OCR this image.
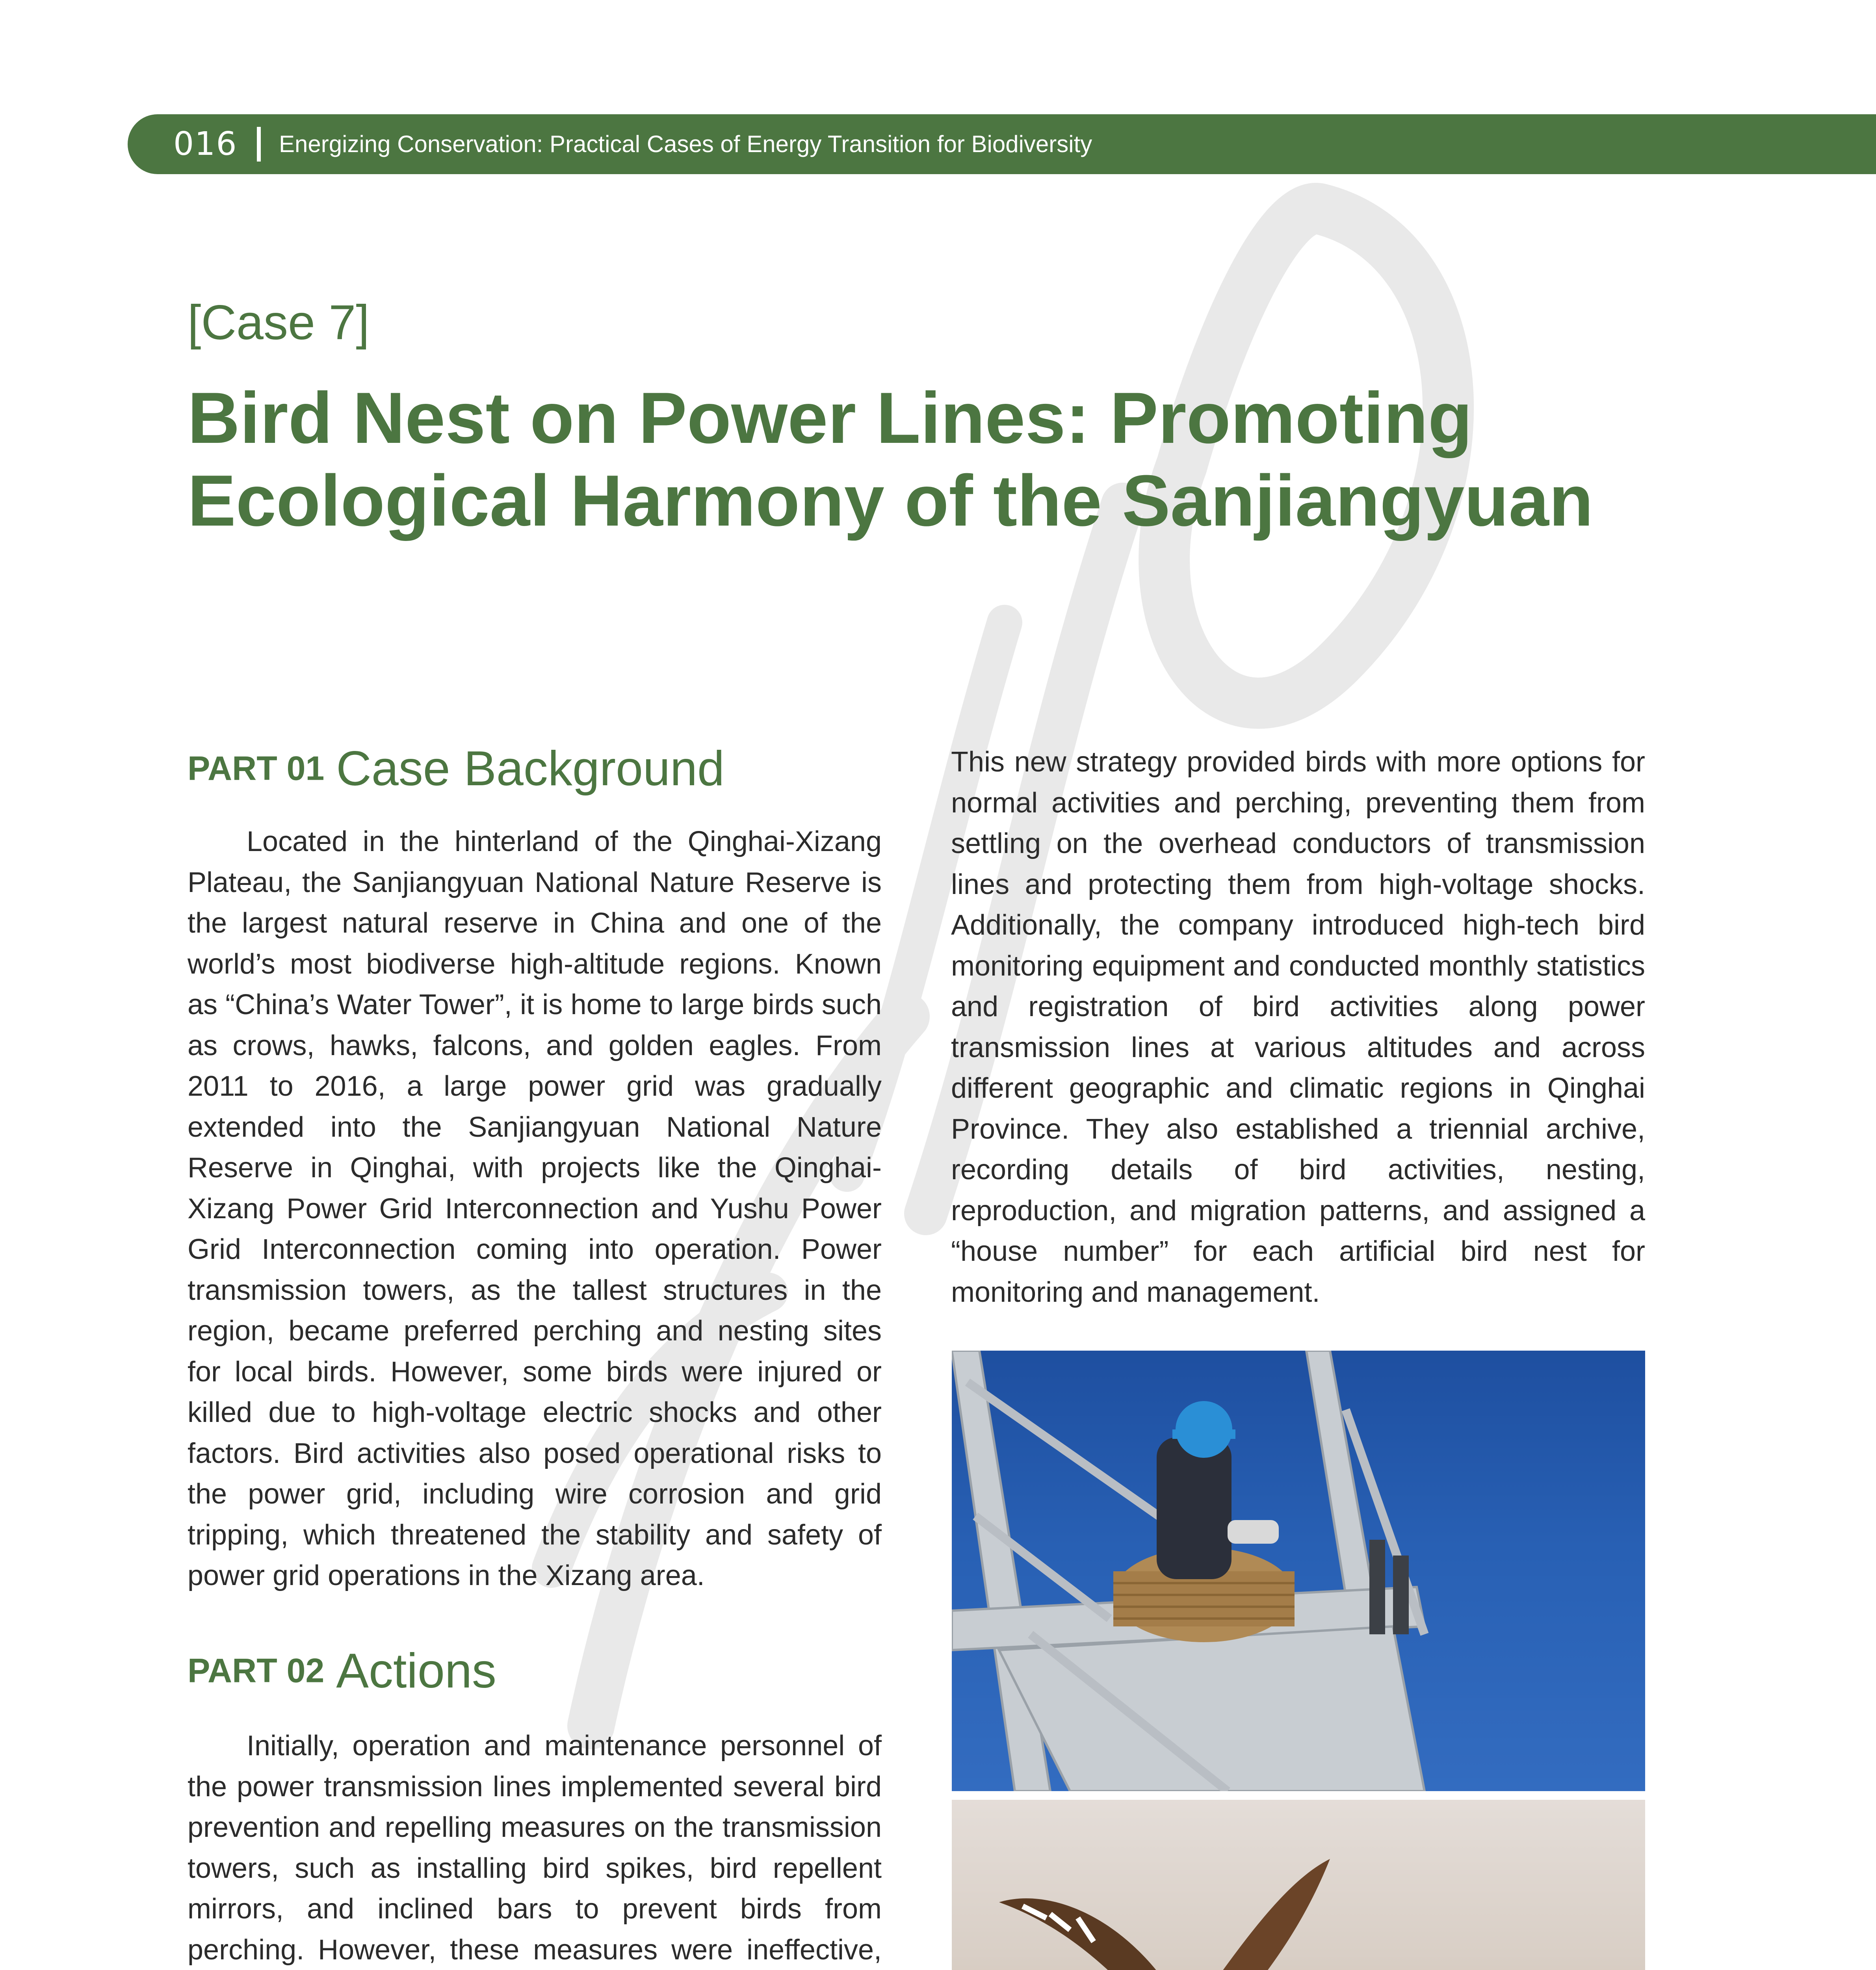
016 Energizing Conservation: Practical Cases of Energy Transition for Biodiversity
[Case 7]
Bird Nest on Power Lines: Promoting
Ecological Harmony of the Sanjiangyuan
PART 01 Case Background

Located in the hinterland of the Qinghai-Xizang Plateau, the Sanjiangyuan National Nature Reserve is the largest natural reserve in China and one of the world’s most biodiverse high-altitude regions. Known as “China’s Water Tower”, it is home to large birds such as crows, hawks, falcons, and golden eagles. From 2011 to 2016, a large power grid was gradually extended into the Sanjiangyuan National Nature Reserve in Qinghai, with projects like the Qinghai-Xizang Power Grid Interconnection and Yushu Power Grid Interconnection coming into operation. Power transmission towers, as the tallest structures in the region, became preferred perching and nesting sites for local birds. However, some birds were injured or killed due to high-voltage electric shocks and other factors. Bird activities also posed operational risks to the power grid, including wire corrosion and grid tripping, which threatened the stability and safety of power grid operations in the Xizang area.

PART 02 Actions

Initially, operation and maintenance personnel of the power transmission lines implemented several bird prevention and repelling measures on the transmission towers, such as installing bird spikes, bird repellent mirrors, and inclined bars to prevent birds from perching. However, these measures were ineffective,

This new strategy provided birds with more options for normal activities and perching, preventing them from settling on the overhead conductors of transmission lines and protecting them from high-voltage shocks. Additionally, the company introduced high-tech bird monitoring equipment and conducted monthly statistics and registration of bird activities along power transmission lines at various altitudes and across different geographic and climatic regions in Qinghai Province. They also established a triennial archive, recording details of bird activities, nesting, reproduction, and migration patterns, and assigned a “house number” for each artificial bird nest for monitoring and management.
